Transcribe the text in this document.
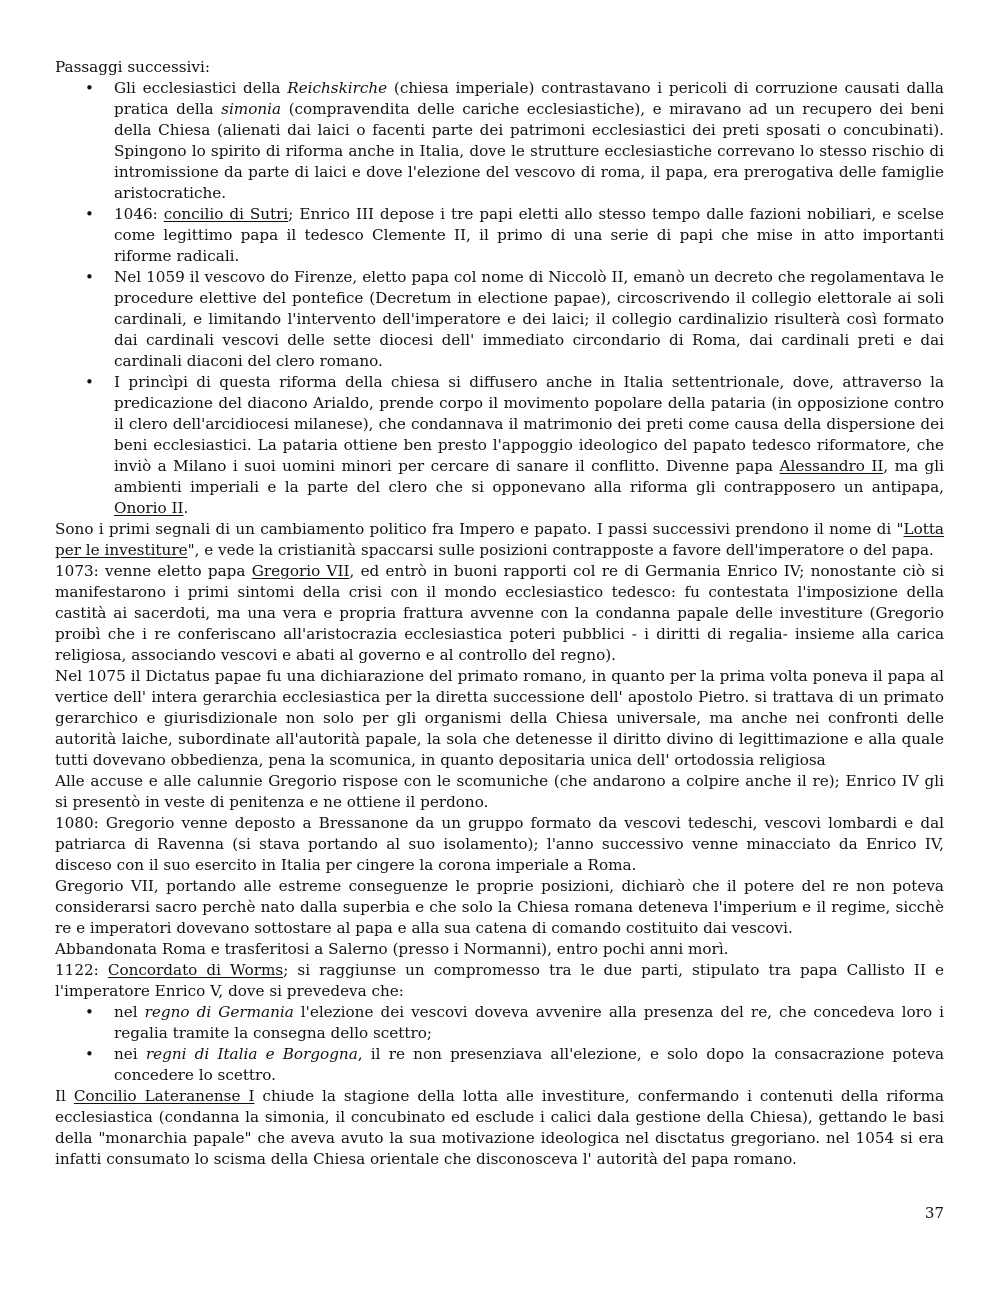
Passaggi successivi:

• Gli ecclesiastici della Reichskirche (chiesa imperiale) contrastavano i pericoli di corruzione causati dalla pratica della simonia (compravendita delle cariche ecclesiastiche), e miravano ad un recupero dei beni della Chiesa (alienati dai laici o facenti parte dei patrimoni ecclesiastici dei preti sposati o concubinati). Spingono lo spirito di riforma anche in Italia, dove le strutture ecclesiastiche correvano lo stesso rischio di intromissione da parte di laici e dove l'elezione del vescovo di roma, il papa, era prerogativa delle famiglie aristocratiche.
• 1046: concilio di Sutri; Enrico III depose i tre papi eletti allo stesso tempo dalle fazioni nobiliari, e scelse come legittimo papa il tedesco Clemente II, il primo di una serie di papi che mise in atto importanti riforme radicali.
• Nel 1059 il vescovo do Firenze, eletto papa col nome di Niccolò II, emanò un decreto che regolamentava le procedure elettive del pontefice (Decretum in electione papae), circoscrivendo il collegio elettorale ai soli cardinali, e limitando l'intervento dell'imperatore e dei laici; il collegio cardinalizio risulterà così formato dai cardinali vescovi delle sette diocesi dell' immediato circondario di Roma, dai cardinali preti e dai cardinali diaconi del clero romano.
• I princìpi di questa riforma della chiesa si diffusero anche in Italia settentrionale, dove, attraverso la predicazione del diacono Arialdo, prende corpo il movimento popolare della pataria (in opposizione contro il clero dell'arcidiocesi milanese), che condannava il matrimonio dei preti come causa della dispersione dei beni ecclesiastici. La pataria ottiene ben presto l'appoggio ideologico del papato tedesco riformatore, che inviò a Milano i suoi uomini minori per cercare di sanare il conflitto. Divenne papa Alessandro II, ma gli ambienti imperiali e la parte del clero che si opponevano alla riforma gli contrapposero un antipapa, Onorio II.

Sono i primi segnali di un cambiamento politico fra Impero e papato. I passi successivi prendono il nome di "Lotta per le investiture", e vede la cristianità spaccarsi sulle posizioni contrapposte a favore dell'imperatore o del papa.

1073: venne eletto papa Gregorio VII, ed entrò in buoni rapporti col re di Germania Enrico IV; nonostante ciò si manifestarono i primi sintomi della crisi con il mondo ecclesiastico tedesco: fu contestata l'imposizione della castità ai sacerdoti, ma una vera e propria frattura avvenne con la condanna papale delle investiture (Gregorio proibì che i re conferiscano all'aristocrazia ecclesiastica poteri pubblici - i diritti di regalia- insieme alla carica religiosa, associando vescovi e abati al governo e al controllo del regno).

Nel 1075 il Dictatus papae fu una dichiarazione del primato romano, in quanto per la prima volta poneva il papa al vertice dell' intera gerarchia ecclesiastica per la diretta successione dell' apostolo Pietro. si trattava di un primato gerarchico e giurisdizionale non solo per gli organismi della Chiesa universale, ma anche nei confronti delle autorità laiche, subordinate all'autorità papale, la sola che detenesse il diritto divino di legittimazione e alla quale tutti dovevano obbedienza, pena la scomunica, in quanto depositaria unica dell' ortodossia religiosa

Alle accuse e alle calunnie Gregorio rispose con le scomuniche (che andarono a colpire anche il re); Enrico IV gli si presentò in veste di penitenza e ne ottiene il perdono.

1080: Gregorio venne deposto a Bressanone da un gruppo formato da vescovi tedeschi, vescovi lombardi e dal patriarca di Ravenna (si stava portando al suo isolamento); l'anno successivo venne minacciato da Enrico IV, disceso con il suo esercito in Italia per cingere la corona imperiale a Roma.

Gregorio VII, portando alle estreme conseguenze le proprie posizioni, dichiarò che il potere del re non poteva considerarsi sacro perchè nato dalla superbia e che solo la Chiesa romana deteneva l'imperium e il regime, sicchè re e imperatori dovevano sottostare al papa e alla sua catena di comando costituito dai vescovi.

Abbandonata Roma e trasferitosi a Salerno (presso i Normanni), entro pochi anni morì.

1122: Concordato di Worms; si raggiunse un compromesso tra le due parti, stipulato tra papa Callisto II e l'imperatore Enrico V, dove si prevedeva che:

• nel regno di Germania l'elezione dei vescovi doveva avvenire alla presenza del re, che concedeva loro i regalia tramite la consegna dello scettro;
• nei regni di Italia e Borgogna, il re non presenziava all'elezione, e solo dopo la consacrazione poteva concedere lo scettro.

Il Concilio Lateranense I chiude la stagione della lotta alle investiture, confermando i contenuti della riforma ecclesiastica (condanna la simonia, il concubinato ed esclude i calici dala gestione della Chiesa), gettando le basi della "monarchia papale" che aveva avuto la sua motivazione ideologica nel disctatus gregoriano. nel 1054 si era infatti consumato lo scisma della Chiesa orientale che disconosceva l' autorità del papa romano.

37
